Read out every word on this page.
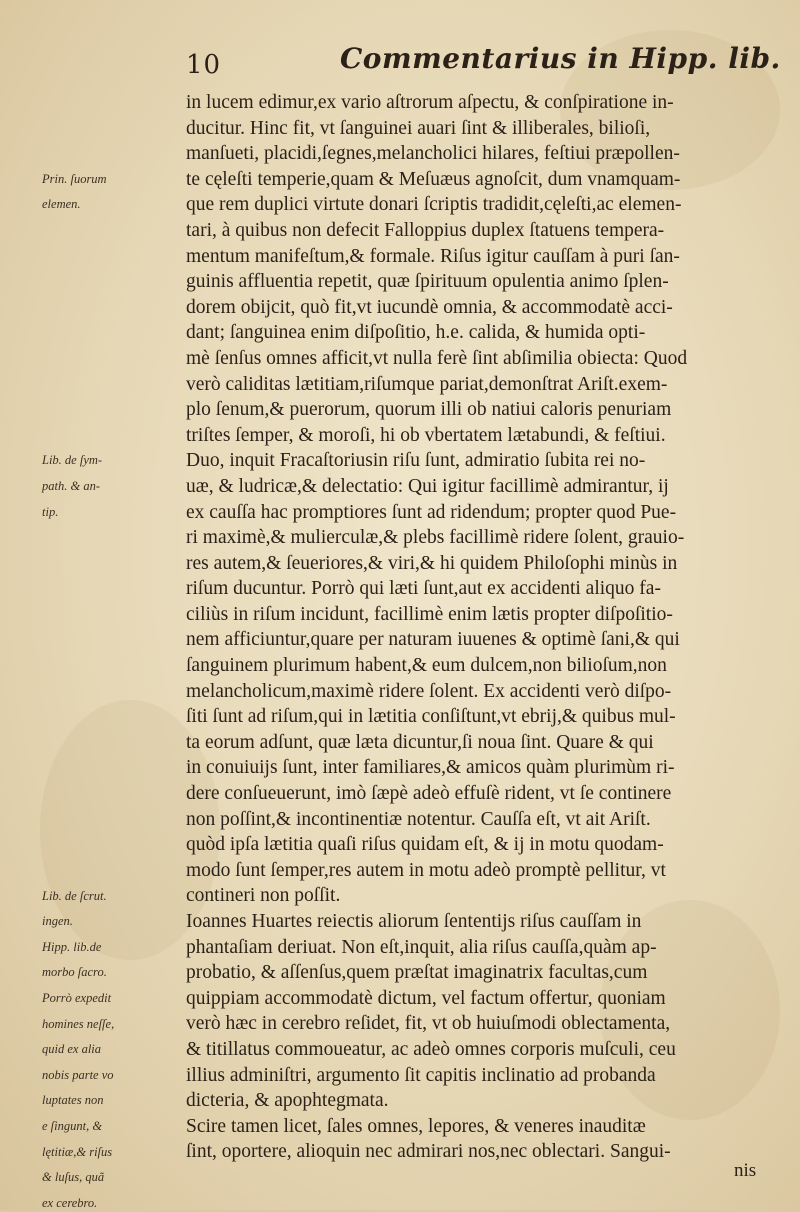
10	Commentarius in Hipp. lib.
Prin. ſuorum
elemen.
Lib. de ſym-
path. & an-
tip.
Lib. de ſcrut.
ingen.
Hipp. lib.de
morbo ſacro.
Porrò expedit
homines neſſe,
quid ex alia
nobis parte vo
luptates non
e ſingunt, &
lętitiæ,& riſus
& luſus, quã
ex cerebro.
in lucem edimur,ex vario aſtrorum aſpectu, & conſpiratione in-
ducitur. Hinc fit, vt ſanguinei auari ſint & illiberales, bilioſi,
manſueti, placidi,ſegnes,melancholici hilares, feſtiui præpollen-
te cęleſti temperie,quam & Meſuæus agnoſcit, dum vnamquam-
que rem duplici virtute donari ſcriptis tradidit,cęleſti,ac elemen-
tari, à quibus non defecit Falloppius duplex ſtatuens tempera-
mentum manifeſtum,& formale. Riſus igitur cauſſam à puri ſan-
guinis affluentia repetit, quæ ſpirituum opulentia animo ſplen-
dorem obijcit, quò fit,vt iucundè omnia, & accommodatè acci-
dant; ſanguinea enim diſpoſitio, h.e. calida, & humida opti-
mè ſenſus omnes afficit,vt nulla ferè ſint abſimilia obiecta: Quod
verò caliditas lætitiam,riſumque pariat,demonſtrat Ariſt.exem-
plo ſenum,& puerorum, quorum illi ob natiui caloris penuriam
triſtes ſemper, & moroſi, hi ob vbertatem lætabundi, & feſtiui.
Duo, inquit Fracaſtoriusin riſu ſunt, admiratio ſubita rei no-
uæ, & ludricæ,& delectatio: Qui igitur facillimè admirantur, ij
ex cauſſa hac promptiores ſunt ad ridendum; propter quod Pue-
ri maximè,& mulierculæ,& plebs facillimè ridere ſolent, grauio-
res autem,& ſeueriores,& viri,& hi quidem Philoſophi minùs in
riſum ducuntur. Porrò qui læti ſunt,aut ex accidenti aliquo fa-
ciliùs in riſum incidunt, facillimè enim lætis propter diſpoſitio-
nem afficiuntur,quare per naturam iuuenes & optimè ſani,& qui
ſanguinem plurimum habent,& eum dulcem,non bilioſum,non
melancholicum,maximè ridere ſolent. Ex accidenti verò diſpo-
ſiti ſunt ad riſum,qui in lætitia conſiſtunt,vt ebrij,& quibus mul-
ta eorum adſunt, quæ læta dicuntur,ſi noua ſint. Quare & qui
in conuiuijs ſunt, inter familiares,& amicos quàm plurimùm ri-
dere conſueuerunt, imò ſæpè adeò effuſè rident, vt ſe continere
non poſſint,& incontinentiæ notentur. Cauſſa eſt, vt ait Ariſt.
quòd ipſa lætitia quaſi riſus quidam eſt, & ij in motu quodam-
modo ſunt ſemper,res autem in motu adeò promptè pellitur, vt
contineri non poſſit.
Ioannes Huartes reiectis aliorum ſententijs riſus cauſſam in
phantaſiam deriuat. Non eſt,inquit, alia riſus cauſſa,quàm ap-
probatio, & aſſenſus,quem præſtat imaginatrix facultas,cum
quippiam accommodatè dictum, vel factum offertur, quoniam
verò hæc in cerebro reſidet, fit, vt ob huiuſmodi oblectamenta,
& titillatus commoueatur, ac adeò omnes corporis muſculi, ceu
illius adminiſtri, argumento ſit capitis inclinatio ad probanda
dicteria, & apophtegmata.
Scire tamen licet, ſales omnes, lepores, & veneres inauditæ
ſint, oportere, alioquin nec admirari nos,nec oblectari. Sangui-
nis
